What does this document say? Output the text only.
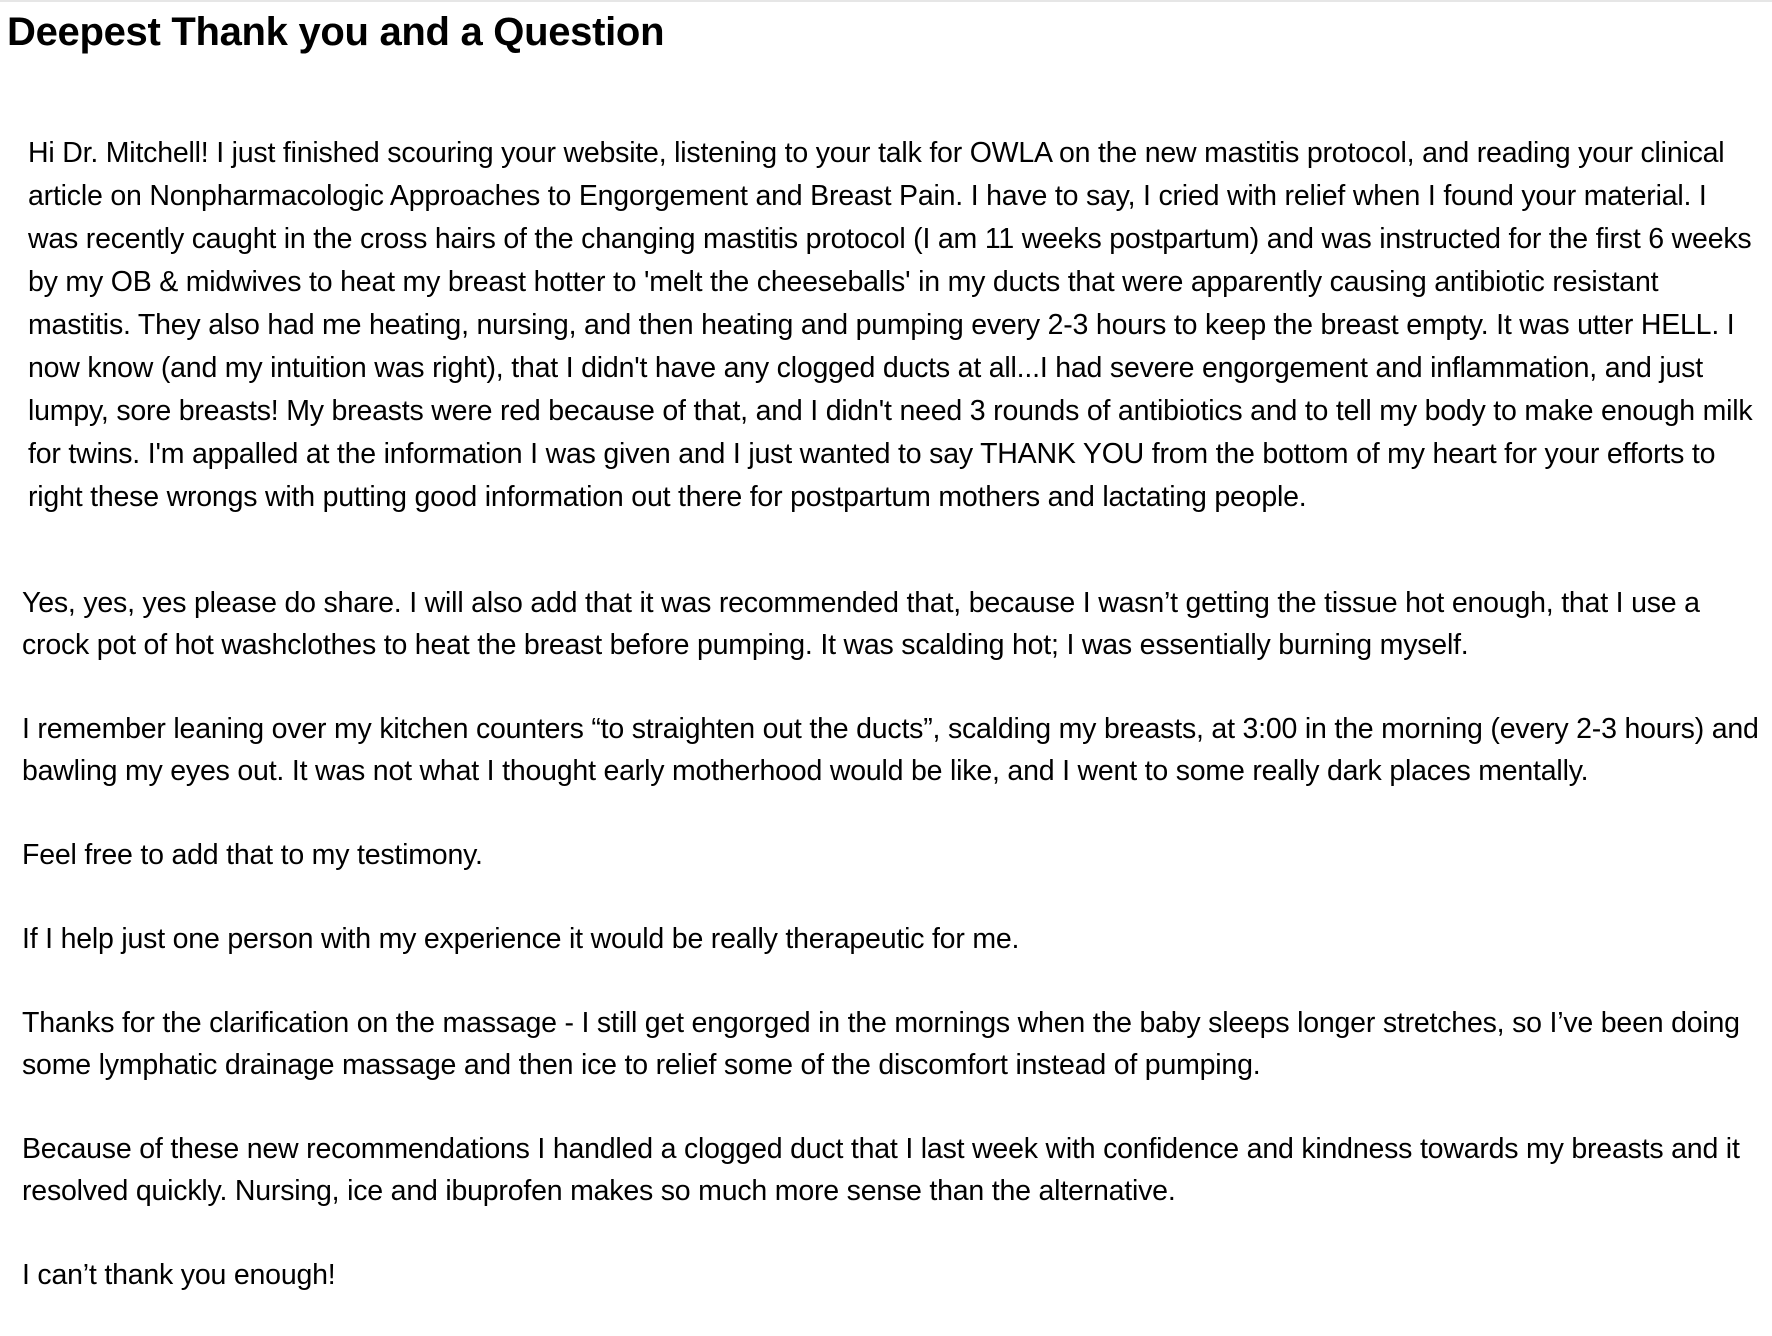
Deepest Thank you and a Question

Hi Dr. Mitchell! I just finished scouring your website, listening to your talk for OWLA on the new mastitis protocol, and reading your clinical article on Nonpharmacologic Approaches to Engorgement and Breast Pain. I have to say, I cried with relief when I found your material. I was recently caught in the cross hairs of the changing mastitis protocol (I am 11 weeks postpartum) and was instructed for the first 6 weeks by my OB & midwives to heat my breast hotter to 'melt the cheeseballs' in my ducts that were apparently causing antibiotic resistant mastitis. They also had me heating, nursing, and then heating and pumping every 2-3 hours to keep the breast empty. It was utter HELL. I now know (and my intuition was right), that I didn't have any clogged ducts at all...I had severe engorgement and inflammation, and just lumpy, sore breasts! My breasts were red because of that, and I didn't need 3 rounds of antibiotics and to tell my body to make enough milk for twins. I'm appalled at the information I was given and I just wanted to say THANK YOU from the bottom of my heart for your efforts to right these wrongs with putting good information out there for postpartum mothers and lactating people.

Yes, yes, yes please do share. I will also add that it was recommended that, because I wasn’t getting the tissue hot enough, that I use a crock pot of hot washclothes to heat the breast before pumping. It was scalding hot; I was essentially burning myself.

I remember leaning over my kitchen counters “to straighten out the ducts”, scalding my breasts, at 3:00 in the morning (every 2-3 hours) and bawling my eyes out. It was not what I thought early motherhood would be like, and I went to some really dark places mentally.

Feel free to add that to my testimony.

If I help just one person with my experience it would be really therapeutic for me.

Thanks for the clarification on the massage - I still get engorged in the mornings when the baby sleeps longer stretches, so I’ve been doing some lymphatic drainage massage and then ice to relief some of the discomfort instead of pumping.

Because of these new recommendations I handled a clogged duct that I last week with confidence and kindness towards my breasts and it resolved quickly. Nursing, ice and ibuprofen makes so much more sense than the alternative.

I can’t thank you enough!
